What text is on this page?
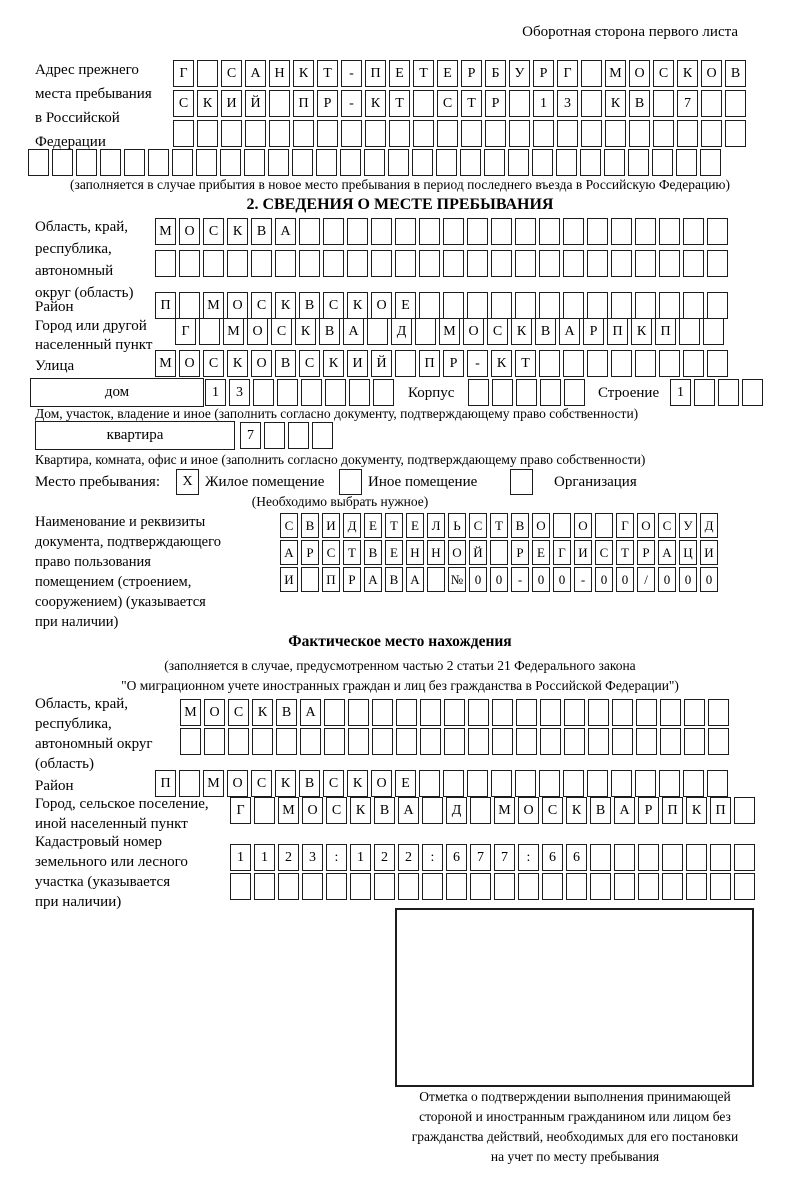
Оборотная сторона первого листа
Адрес прежнего
места пребывания
в Российской
Федерации
Г	С	А Н	К	Т	-	П	Е	Т	Е	Р	Б	У	Р	Г	М О	С	К	О	В
С	К	И Й	П	Р	-	К	Т	С	Т	Р	1	3	К	В	7
(заполняется в случае прибытия в новое место пребывания в период последнего въезда в Российскую Федерацию)
2. СВЕДЕНИЯ О МЕСТЕ ПРЕБЫВАНИЯ
Область, край,
республика,
автономный
округ (область)
М О	С	К	В	А
Район	П	М О	С	К	В	С	К	О	Е
Город или другой
населенный пункт
Г	М О	С	К	В	А	Д	М О	С	К	В	А	Р	П	К	П
Улица	М О	С	К	О	В	С	К	И Й	П	Р	-	К	Т
дом	1	3	Корпус	Строение	1
Дом, участок, владение и иное (заполнить согласно документу, подтверждающему право собственности)
квартира	7
Квартира, комната, офис и иное (заполнить согласно документу, подтверждающему право собственности)
Место пребывания:	X Жилое помещение	Иное помещение	Организация
(Необходимо выбрать нужное)
Наименование и реквизиты
документа, подтверждающего
право пользования
помещением (строением,
сооружением) (указывается
при наличии)
С В И Д Е	Т	Е Л Ь С Т В О	О	Г О С У Д
А Р	С Т В Е Н Н О Й	Р	Е	Г И С Т	Р А Ц И
И	П Р А В А	№ 0	0	-	0	0	-	0	0	/	0	0	0
Фактическое место нахождения
(заполняется в случае, предусмотренном частью 2 статьи 21 Федерального закона
"О миграционном учете иностранных граждан и лиц без гражданства в Российской Федерации")
Область, край,
республика,
автономный округ
(область)
М О	С	К	В	А
Район	П	М О	С	К	В	С	К	О	Е
Город, сельское поселение,
иной населенный пункт
Г	М О	С	К	В	А	Д	М О	С	К	В	А	Р	П	К	П
Кадастровый номер
земельного или лесного
участка (указывается
при наличии)
1	1	2	3	:	1	2	2	:	6	7	7	:	6	6
Отметка о подтверждении выполнения принимающей
стороной и иностранным гражданином или лицом без
гражданства действий, необходимых для его постановки
на учет по месту пребывания
